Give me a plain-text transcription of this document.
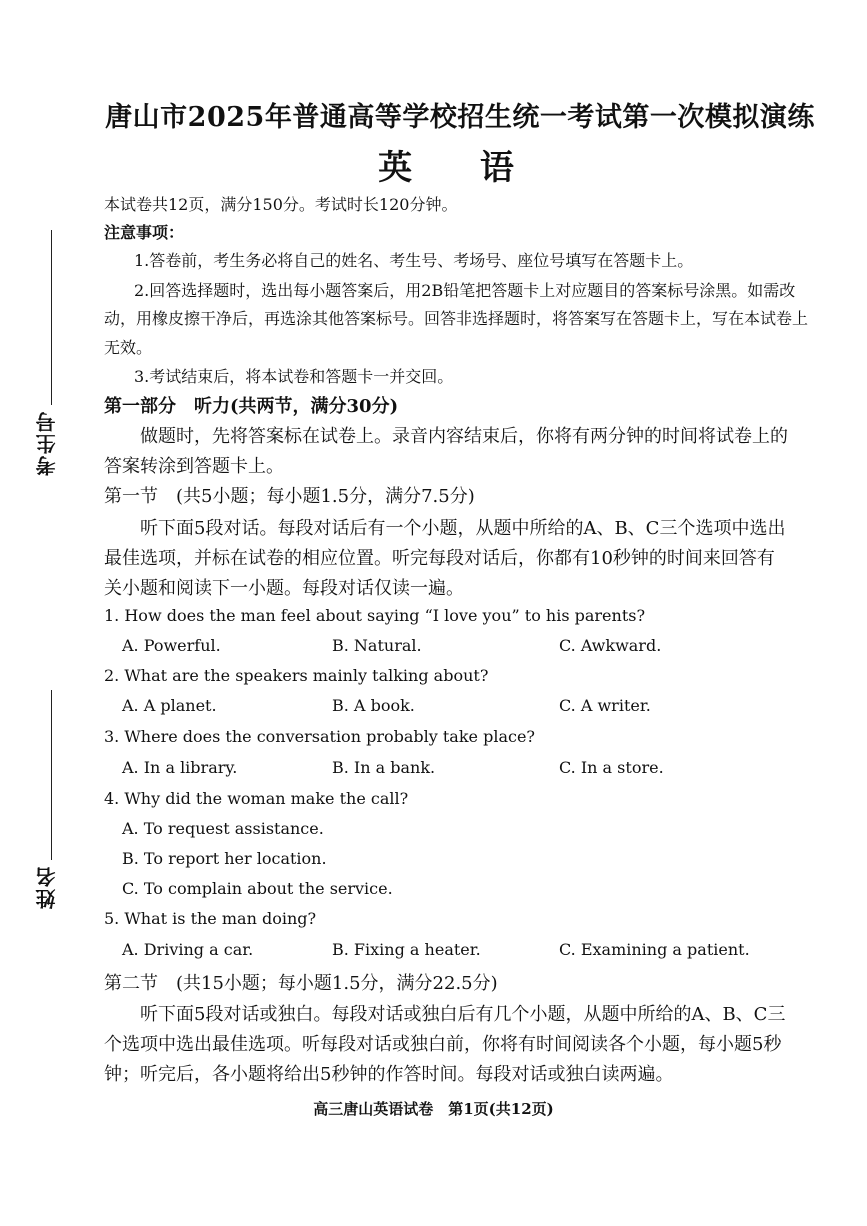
考生号
姓名
唐山市2025年普通高等学校招生统一考试第一次模拟演练
英 语
本试卷共12页，满分150分。考试时长120分钟。
注意事项：
1.答卷前，考生务必将自己的姓名、考生号、考场号、座位号填写在答题卡上。
2.回答选择题时，选出每小题答案后，用2B铅笔把答题卡上对应题目的答案标号涂黑。如需改
动，用橡皮擦干净后，再选涂其他答案标号。回答非选择题时，将答案写在答题卡上，写在本试卷上
无效。
3.考试结束后，将本试卷和答题卡一并交回。
第一部分　听力(共两节，满分30分)
做题时，先将答案标在试卷上。录音内容结束后，你将有两分钟的时间将试卷上的
答案转涂到答题卡上。
第一节　(共5小题；每小题1.5分，满分7.5分)
听下面5段对话。每段对话后有一个小题，从题中所给的A、B、C三个选项中选出
最佳选项，并标在试卷的相应位置。听完每段对话后，你都有10秒钟的时间来回答有
关小题和阅读下一小题。每段对话仅读一遍。
1. How does the man feel about saying “I love you” to his parents?
A. Powerful.	B. Natural.	C. Awkward.
2. What are the speakers mainly talking about?
A. A planet.	B. A book.	C. A writer.
3. Where does the conversation probably take place?
A. In a library.	B. In a bank.	C. In a store.
4. Why did the woman make the call?
A. To request assistance.
B. To report her location.
C. To complain about the service.
5. What is the man doing?
A. Driving a car.	B. Fixing a heater.	C. Examining a patient.
第二节　(共15小题；每小题1.5分，满分22.5分)
听下面5段对话或独白。每段对话或独白后有几个小题，从题中所给的A、B、C三
个选项中选出最佳选项。听每段对话或独白前，你将有时间阅读各个小题，每小题5秒
钟；听完后，各小题将给出5秒钟的作答时间。每段对话或独白读两遍。
高三唐山英语试卷　第1页(共12页)
